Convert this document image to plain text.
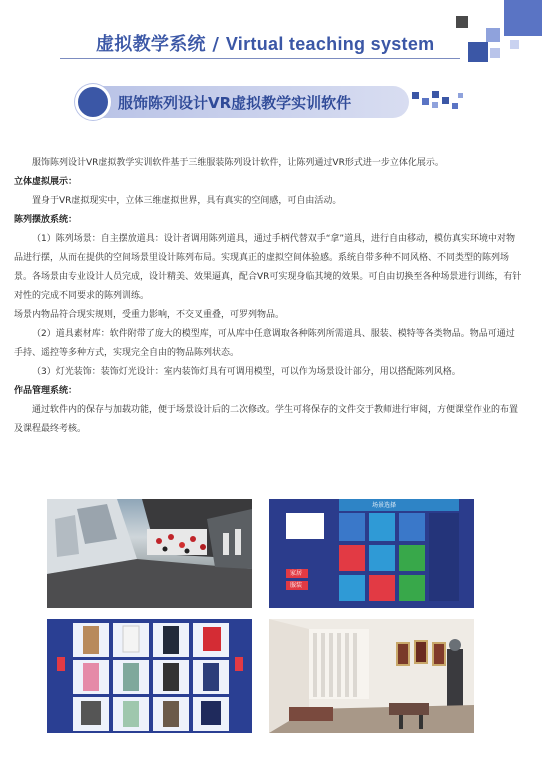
虚拟教学系统 / Virtual teaching system
服饰陈列设计VR虚拟教学实训软件

服饰陈列设计VR虚拟教学实训软件基于三维服装陈列设计软件，让陈列通过VR形式进一步立体化展示。

立体虚拟展示：

置身于VR虚拟现实中，立体三维虚拟世界，具有真实的空间感，可自由活动。

陈列摆放系统：

（1）陈列场景：自主摆放道具：设计者调用陈列道具，通过手柄代替双手“拿”道具，进行自由移动，模仿真实环境中对物品进行摆，从而在提供的空间场景里设计陈列布局。实现真正的虚拟空间体验感。系统自带多种不同风格、不同类型的陈列场景。各场景由专业设计人员完成，设计精美、效果逼真，配合VR可实现身临其境的效果。可自由切换至各种场景进行训练，有针对性的完成不同要求的陈列训练。

场景内物品符合现实规则，受重力影响，不交叉重叠，可罗列物品。

（2）道具素材库：软件附带了庞大的模型库，可从库中任意调取各种陈列所需道具、服装、模特等各类物品。物品可通过手持、遥控等多种方式，实现完全自由的物品陈列状态。

（3）灯光装饰：装饰灯光设计：室内装饰灯具有可调用模型，可以作为场景设计部分，用以搭配陈列风格。

作品管理系统：

通过软件内的保存与加载功能，便于场景设计后的二次修改。学生可将保存的文件交于教师进行审阅，方便课堂作业的布置及课程最终考核。

场景选择
家居
服装
